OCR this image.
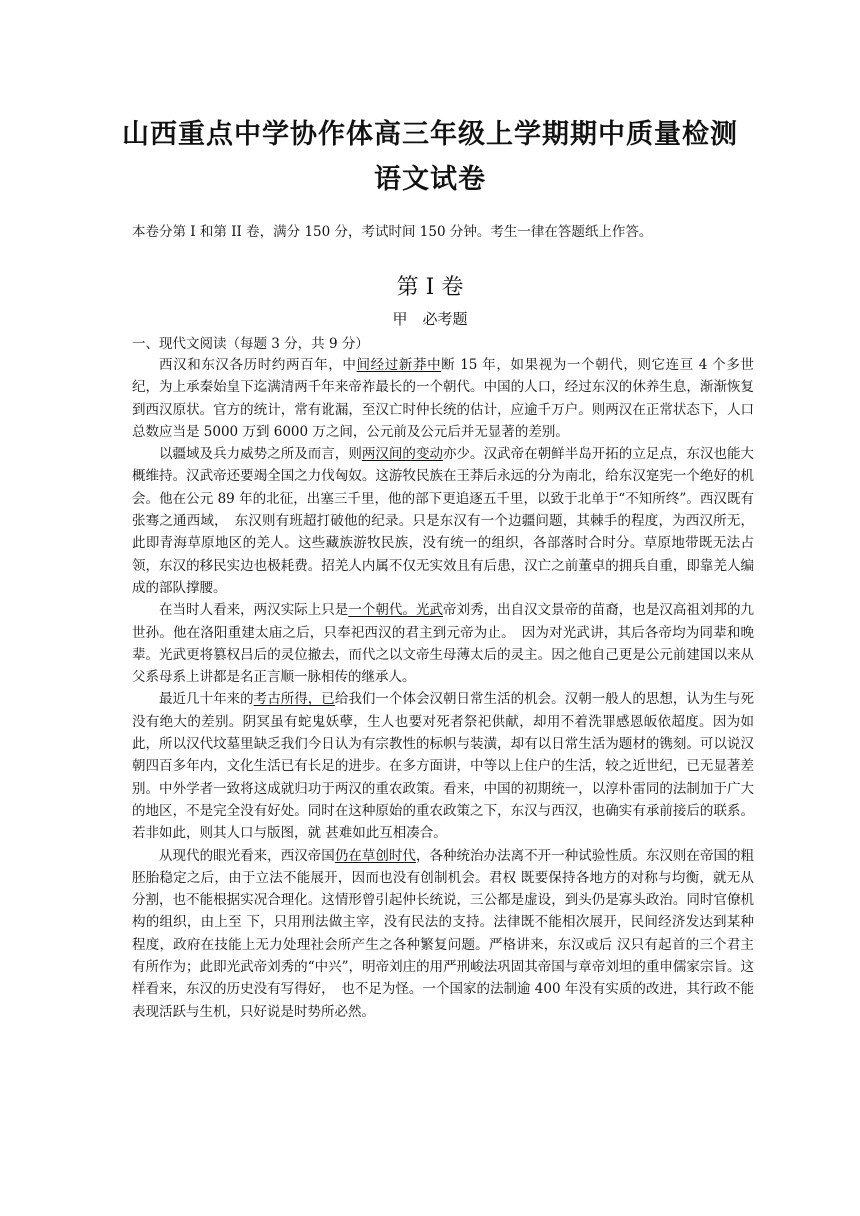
山西重点中学协作体高三年级上学期期中质量检测
语文试卷
本卷分第 I 和第 II 卷，满分 150 分，考试时间 150 分钟。考生一律在答题纸上作答。
第 I 卷
甲　必考题
一、现代文阅读（每题 3 分，共 9 分）

西汉和东汉各历时约两百年，中间经过新莽中断 15 年，如果视为一个朝代，则它连亘 4 个多世纪，为上承秦始皇下迄满清两千年来帝祚最长的一个朝代。中国的人口，经过东汉的休养生息，渐渐恢复到西汉原状。官方的统计，常有讹漏，至汉亡时仲长统的估计，应逾千万户。则两汉在正常状态下，人口总数应当是 5000 万到 6000 万之间，公元前及公元后并无显著的差别。

以疆域及兵力威势之所及而言，则两汉间的变动亦少。汉武帝在朝鲜半岛开拓的立足点，东汉也能大概维持。汉武帝还要竭全国之力伐匈奴。这游牧民族在王莽后永远的分为南北，给东汉寔宪一个绝好的机会。他在公元 89 年的北征，出塞三千里，他的部下更追逐五千里，以致于北单于“不知所终”。西汉既有张骞之通西域，　东汉则有班超打破他的纪录。只是东汉有一个边疆问题，其棘手的程度，为西汉所无，此即青海草原地区的羌人。这些藏族游牧民族，没有统一的组织，各部落时合时分。草原地带既无法占领，东汉的移民实边也极耗费。招羌人内属不仅无实效且有后患，汉亡之前董卓的拥兵自重，即靠羌人编成的部队撑腰。

在当时人看来，两汉实际上只是一个朝代。光武帝刘秀，出自汉文景帝的苗裔，也是汉高祖刘邦的九世孙。他在洛阳重建太庙之后，只奉祀西汉的君主到元帝为止。　因为对光武讲，其后各帝均为同辈和晚辈。光武更将篡权吕后的灵位撤去，而代之以文帝生母薄太后的灵主。因之他自己更是公元前建国以来从父系母系上讲都是名正言顺一脉相传的继承人。

最近几十年来的考古所得，已给我们一个体会汉朝日常生活的机会。汉朝一般人的思想，认为生与死没有绝大的差别。阴冥虽有蛇鬼妖孽，生人也要对死者祭祀供献，却用不着洗罪感恩皈依超度。因为如此，所以汉代坟墓里缺乏我们今日认为有宗教性的标帜与装潢，却有以日常生活为题材的镌刻。可以说汉朝四百多年内，文化生活已有长足的进步。在多方面讲，中等以上住户的生活，较之近世纪，已无显著差别。中外学者一致将这成就归功于两汉的重农政策。看来，中国的初期统一，以淳朴雷同的法制加于广大的地区，不是完全没有好处。同时在这种原始的重农政策之下，东汉与西汉，也确实有承前接后的联系。若非如此，则其人口与版图，就 甚难如此互相凑合。

从现代的眼光看来，西汉帝国仍在草创时代，各种统治办法离不开一种试验性质。东汉则在帝国的粗胚胎稳定之后，由于立法不能展开，因而也没有创制机会。君权 既要保持各地方的对称与均衡，就无从分割，也不能根据实况合理化。这情形曾引起仲长统说，三公都是虚设，到头仍是寡头政治。同时官僚机构的组织，由上至 下，只用刑法做主宰，没有民法的支持。法律既不能相次展开，民间经济发达到某种程度，政府在技能上无力处理社会所产生之各种繁复问题。严格讲来，东汉或后 汉只有起首的三个君主有所作为；此即光武帝刘秀的“中兴”，明帝刘庄的用严刑峻法巩固其帝国与章帝刘坦的重申儒家宗旨。这样看来，东汉的历史没有写得好，　也不足为怪。一个国家的法制逾 400 年没有实质的改进，其行政不能表现活跃与生机，只好说是时势所必然。
